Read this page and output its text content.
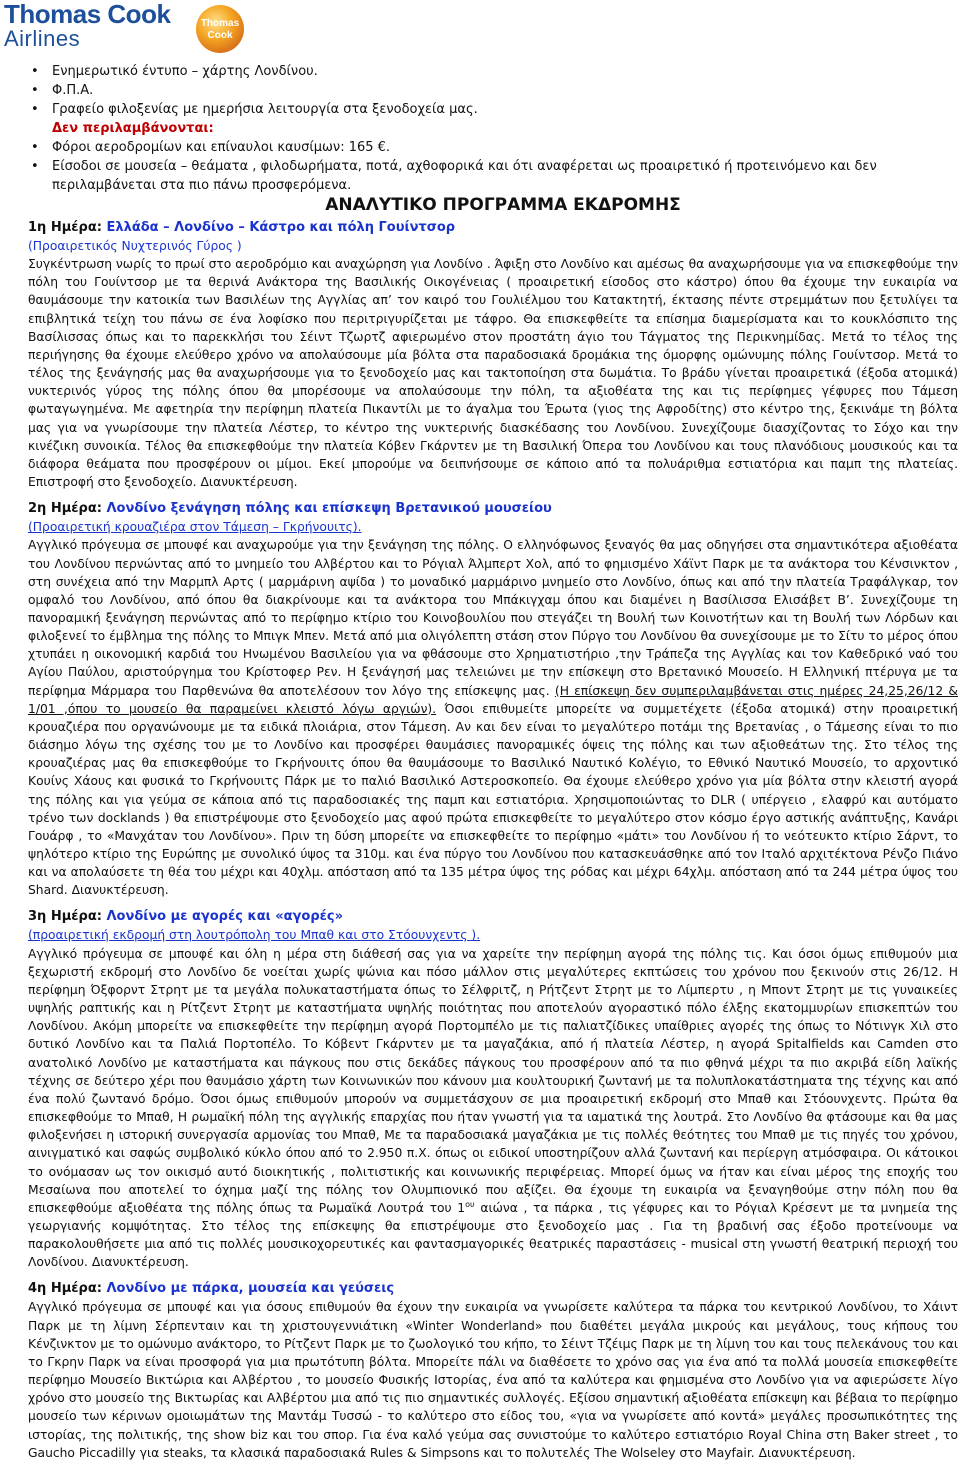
Thomas Cook
Airlines
Thomas
Cook
• Ενημερωτικό έντυπο – χάρτης Λονδίνου.
• Φ.Π.Α.
• Γραφείο φιλοξενίας με ημερήσια λειτουργία στα ξενοδοχεία μας.
Δεν περιλαμβάνονται:
• Φόροι αεροδρομίων και επίναυλοι καυσίμων: 165 €.
• Είσοδοι σε μουσεία – θεάματα , φιλοδωρήματα, ποτά, αχθοφορικά και ότι αναφέρεται ως προαιρετικό ή προτεινόμενο και δεν περιλαμβάνεται στα πιο πάνω προσφερόμενα.
ΑΝΑΛΥΤΙΚΟ ΠΡΟΓΡΑΜΜΑ ΕΚΔΡΟΜΗΣ
1η Ημέρα: Ελλάδα – Λονδίνο – Κάστρο και πόλη Γουίντσορ
(Προαιρετικός Νυχτερινός Γύρος )
Συγκέντρωση νωρίς το πρωί στο αεροδρόμιο και αναχώρηση για Λονδίνο . Άφιξη στο Λονδίνο και αμέσως θα αναχωρήσουμε για να επισκεφθούμε την πόλη του Γουίντσορ με τα θερινά Ανάκτορα της Βασιλικής Οικογένειας ( προαιρετική είσοδος στο κάστρο) όπου θα έχουμε την ευκαιρία να θαυμάσουμε την κατοικία των Βασιλέων της Αγγλίας απ’ τον καιρό του Γουλιέλμου του Κατακτητή, έκτασης πέντε στρεμμάτων που ξετυλίγει τα επιβλητικά τείχη του πάνω σε ένα λοφίσκο που περιτριγυρίζεται με τάφρο. Θα επισκεφθείτε τα επίσημα διαμερίσματα και το κουκλόσπιτο της Βασίλισσας όπως και το παρεκκλήσι του Σέιντ Τζωρτζ αφιερωμένο στον προστάτη άγιο του Τάγματος της Περικνημίδας. Μετά το τέλος της περιήγησης θα έχουμε ελεύθερο χρόνο να απολαύσουμε μία βόλτα στα παραδοσιακά δρομάκια της όμορφης ομώνυμης πόλης Γουίντσορ. Μετά το τέλος της ξενάγησής μας θα αναχωρήσουμε για το ξενοδοχείο μας και τακτοποίηση στα δωμάτια. Το βράδυ γίνεται προαιρετικά (έξοδα ατομικά) νυκτερινός γύρος της πόλης όπου θα μπορέσουμε να απολαύσουμε την πόλη, τα αξιοθέατα της και τις περίφημες γέφυρες που Τάμεση φωταγωγημένα. Με αφετηρία την περίφημη πλατεία Πικαντίλι με το άγαλμα του Έρωτα (γιος της Αφροδίτης) στο κέντρο της, ξεκινάμε τη βόλτα μας για να γνωρίσουμε την πλατεία Λέστερ, το κέντρο της νυκτερινής διασκέδασης του Λονδίνου. Συνεχίζουμε διασχίζοντας το Σόχο και την κινέζικη συνοικία. Τέλος θα επισκεφθούμε την πλατεία Κόβεν Γκάρντεν με τη Βασιλική Όπερα του Λονδίνου και τους πλανόδιους μουσικούς και τα διάφορα θεάματα που προσφέρουν οι μίμοι. Εκεί μπορούμε να δειπνήσουμε σε κάποιο από τα πολυάριθμα εστιατόρια και παμπ της πλατείας. Επιστροφή στο ξενοδοχείο. Διανυκτέρευση.
2η Ημέρα: Λονδίνο ξενάγηση πόλης και επίσκεψη Βρετανικού μουσείου
(Προαιρετική κρουαζιέρα στον Τάμεση – Γκρήνουιτς).
Αγγλικό πρόγευμα σε μπουφέ και αναχωρούμε για την ξενάγηση της πόλης. Ο ελληνόφωνος ξεναγός θα μας οδηγήσει στα σημαντικότερα αξιοθέατα του Λονδίνου περνώντας από το μνημείο του Αλβέρτου και το Ρόγιαλ Άλμπερτ Χολ, από το φημισμένο Χάϊντ Παρκ με τα ανάκτορα του Κένσινκτον , στη συνέχεια από την Μαρμπλ Αρτς ( μαρμάρινη αψίδα ) το μοναδικό μαρμάρινο μνημείο στο Λονδίνο, όπως και από την πλατεία Τραφάλγκαρ, τον ομφαλό του Λονδίνου, από όπου θα διακρίνουμε και τα ανάκτορα του Μπάκιγχαμ όπου και διαμένει η Βασίλισσα Ελισάβετ Β’. Συνεχίζουμε τη πανοραμική ξενάγηση περνώντας από το περίφημο κτίριο του Κοινοβουλίου που στεγάζει τη Βουλή των Κοινοτήτων και τη Βουλή των Λόρδων και φιλοξενεί το έμβλημα της πόλης το Μπιγκ Μπεν. Μετά από μια ολιγόλεπτη στάση στον Πύργο του Λονδίνου θα συνεχίσουμε με το Σίτυ το μέρος όπου χτυπάει η οικονομική καρδιά του Ηνωμένου Βασιλείου για να φθάσουμε στο Χρηματιστήριο ,την Τράπεζα της Αγγλίας και τον Καθεδρικό ναό του Αγίου Παύλου, αριστούργημα του Κρίστοφερ Ρεν. Η ξενάγησή μας τελειώνει με την επίσκεψη στο Βρετανικό Μουσείο. Η Ελληνική πτέρυγα με τα περίφημα Μάρμαρα του Παρθενώνα θα αποτελέσουν τον λόγο της επίσκεψης μας. (Η επίσκεψη δεν συμπεριλαμβάνεται στις ημέρες 24,25,26/12 & 1/01 ,όπου το μουσείο θα παραμείνει κλειστό λόγω αργιών). Όσοι επιθυμείτε μπορείτε να συμμετέχετε (έξοδα ατομικά) στην προαιρετική κρουαζιέρα που οργανώνουμε με τα ειδικά πλοιάρια, στον Τάμεση. Αν και δεν είναι το μεγαλύτερο ποτάμι της Βρετανίας , ο Τάμεσης είναι το πιο διάσημο λόγω της σχέσης του με το Λονδίνο και προσφέρει θαυμάσιες πανοραμικές όψεις της πόλης και των αξιοθεάτων της. Στο τέλος της κρουαζιέρας μας θα επισκεφθούμε το Γκρήνουιτς όπου θα θαυμάσουμε το Βασιλικό Ναυτικό Κολέγιο, το Εθνικό Ναυτικό Μουσείο, το αρχοντικό Κουίνς Χάους και φυσικά το Γκρήνουιτς Πάρκ με το παλιό Βασιλικό Αστεροσκοπείο. Θα έχουμε ελεύθερο χρόνο για μία βόλτα στην κλειστή αγορά της πόλης και για γεύμα σε κάποια από τις παραδοσιακές της παμπ και εστιατόρια. Χρησιμοποιώντας το DLR ( υπέργειο , ελαφρύ και αυτόματο τρένο των docklands ) θα επιστρέψουμε στο ξενοδοχείο μας αφού πρώτα επισκεφθείτε το μεγαλύτερο στον κόσμο έργο αστικής ανάπτυξης, Κανάρι Γουάρφ , το «Μανχάταν του Λονδίνου». Πριν τη δύση μπορείτε να επισκεφθείτε το περίφημο «μάτι» του Λονδίνου ή το νεότευκτο κτίριο Σάρντ, το ψηλότερο κτίριο της Ευρώπης με συνολικό ύψος τα 310μ. και ένα πύργο του Λονδίνου που κατασκευάσθηκε από τον Ιταλό αρχιτέκτονα Ρένζο Πιάνο και να απολαύσετε τη θέα του μέχρι και 40χλμ. απόσταση από τα 135 μέτρα ύψος της ρόδας και μέχρι 64χλμ. απόσταση από τα 244 μέτρα ύψος του Shard. Διανυκτέρευση.
3η Ημέρα: Λονδίνο με αγορές και «αγορές»
(προαιρετική εκδρομή στη λουτρόπολη του Μπαθ και στο Στόουνχεντς ).
Αγγλικό πρόγευμα σε μπουφέ και όλη η μέρα στη διάθεσή σας για να χαρείτε την περίφημη αγορά της πόλης τις. Και όσοι όμως επιθυμούν μια ξεχωριστή εκδρομή στο Λονδίνο δε νοείται χωρίς ψώνια και πόσο μάλλον στις μεγαλύτερες εκπτώσεις του χρόνου που ξεκινούν στις 26/12. Η περίφημη Όξφορντ Στρητ με τα μεγάλα πολυκαταστήματα όπως το Σέλφριτζ, η Ρήτζεντ Στρητ με το Λίμπερτυ , η Μποντ Στρητ με τις γυναικείες υψηλής ραπτικής και η Ρίτζεντ Στρητ με καταστήματα υψηλής ποιότητας που αποτελούν αγοραστικό πόλο έλξης εκατομμυρίων επισκεπτών του Λονδίνου. Ακόμη μπορείτε να επισκεφθείτε την περίφημη αγορά Πορτομπέλο με τις παλιατζίδικες υπαίθριες αγορές της όπως το Νότινγκ Χιλ στο δυτικό Λονδίνο και τα Παλιά Πορτοπέλο. Το Κόβεντ Γκάρντεν με τα μαγαζάκια, από ή πλατεία Λέστερ, η αγορά Spitalfields και Camden στο ανατολικό Λονδίνο με καταστήματα και πάγκους που στις δεκάδες πάγκους του προσφέρουν από τα πιο φθηνά μέχρι τα πιο ακριβά είδη λαϊκής τέχνης σε δεύτερο χέρι που θαυμάσιο χάρτη των Κοινωνικών που κάνουν μια κουλτουρική ζωντανή με τα πολυπλοκατάστηματα της τέχνης και από ένα πολύ ζωντανό δρόμο. Όσοι όμως επιθυμούν μπορούν να συμμετάσχουν σε μια προαιρετική εκδρομή στο Μπαθ και Στόουνχεντς. Πρώτα θα επισκεφθούμε το Μπαθ, Η ρωμαϊκή πόλη της αγγλικής επαρχίας που ήταν γνωστή για τα ιαματικά της λουτρά. Στο Λονδίνο θα φτάσουμε και θα μας φιλοξενήσει η ιστορική συνεργασία αρμονίας του Μπαθ, Με τα παραδοσιακά μαγαζάκια με τις πολλές θεότητες του Μπαθ με τις πηγές του χρόνου, αινιγματικό και σαφώς συμβολικό κύκλο όπου από το 2.950 π.Χ. όπως οι ειδικοί υποστηρίζουν αλλά ζωντανή και περίεργη ατμόσφαιρα. Οι κάτοικοι το ονόμασαν ως τον οικισμό αυτό διοικητικής , πολιτιστικής και κοινωνικής περιφέρειας. Μπορεί όμως να ήταν και είναι μέρος της εποχής του Μεσαίωνα που αποτελεί το όχημα μαζί της πόλης τον Ολυμπιονικό που αξίζει. Θα έχουμε τη ευκαιρία να ξεναγηθούμε στην πόλη που θα επισκεφθούμε αξιοθέατα της πόλης όπως τα Ρωμαϊκά Λουτρά του $1^{o\upsilon}$ αιώνα , τα πάρκα , τις γέφυρες και το Ρόγιαλ Κρέσεντ με τα μνημεία της γεωργιανής κομψότητας. Στο τέλος της επίσκεψης θα επιστρέψουμε στο ξενοδοχείο μας . Για τη βραδινή σας έξοδο προτείνουμε να παρακολουθήσετε μια από τις πολλές μουσικοχορευτικές και φαντασμαγορικές θεατρικές παραστάσεις - musical στη γνωστή θεατρική περιοχή του Λονδίνου. Διανυκτέρευση.
4η Ημέρα: Λονδίνο με πάρκα, μουσεία και γεύσεις
Αγγλικό πρόγευμα σε μπουφέ και για όσους επιθυμούν θα έχουν την ευκαιρία να γνωρίσετε καλύτερα τα πάρκα του κεντρικού Λονδίνου, το Χάιντ Παρκ με τη λίμνη Σέρπενταιν και τη χριστουγεννιάτικη «Winter Wonderland» που διαθέτει μεγάλα μικρούς και μεγάλους, τους κήπους του Κένζινκτον με το ομώνυμο ανάκτορο, το Ρίτζεντ Παρκ με το ζωολογικό του κήπο, το Σέιντ Τζέιμς Παρκ με τη λίμνη του και τους πελεκάνους του και το Γκρην Παρκ να είναι προσφορά για μια πρωτότυπη βόλτα. Μπορείτε πάλι να διαθέσετε το χρόνο σας για ένα από τα πολλά μουσεία επισκεφθείτε περίφημο Μουσείο Βικτώρια και Αλβέρτου , το μουσείο Φυσικής Ιστορίας, ένα από τα καλύτερα και φημισμένα στο Λονδίνο για να αφιερώσετε λίγο χρόνο στο μουσείο της Βικτωρίας και Αλβέρτου μια από τις πιο σημαντικές συλλογές. Εξίσου σημαντική αξιοθέατα επίσκεψη και βέβαια το περίφημο μουσείο των κέρινων ομοιωμάτων της Μαντάμ Τυσσώ - το καλύτερο στο είδος του, «για να γνωρίσετε από κοντά» μεγάλες προσωπικότητες της ιστορίας, της πολιτικής, της show biz και του σπορ. Για ένα καλό γεύμα σας συνιστούμε το καλύτερο εστιατόριο Royal China στη Baker street , το Gaucho Piccadilly για steaks, τα κλασικά παραδοσιακά Rules & Simpsons και το πολυτελές The Wolseley στο Mayfair. Διανυκτέρευση.
